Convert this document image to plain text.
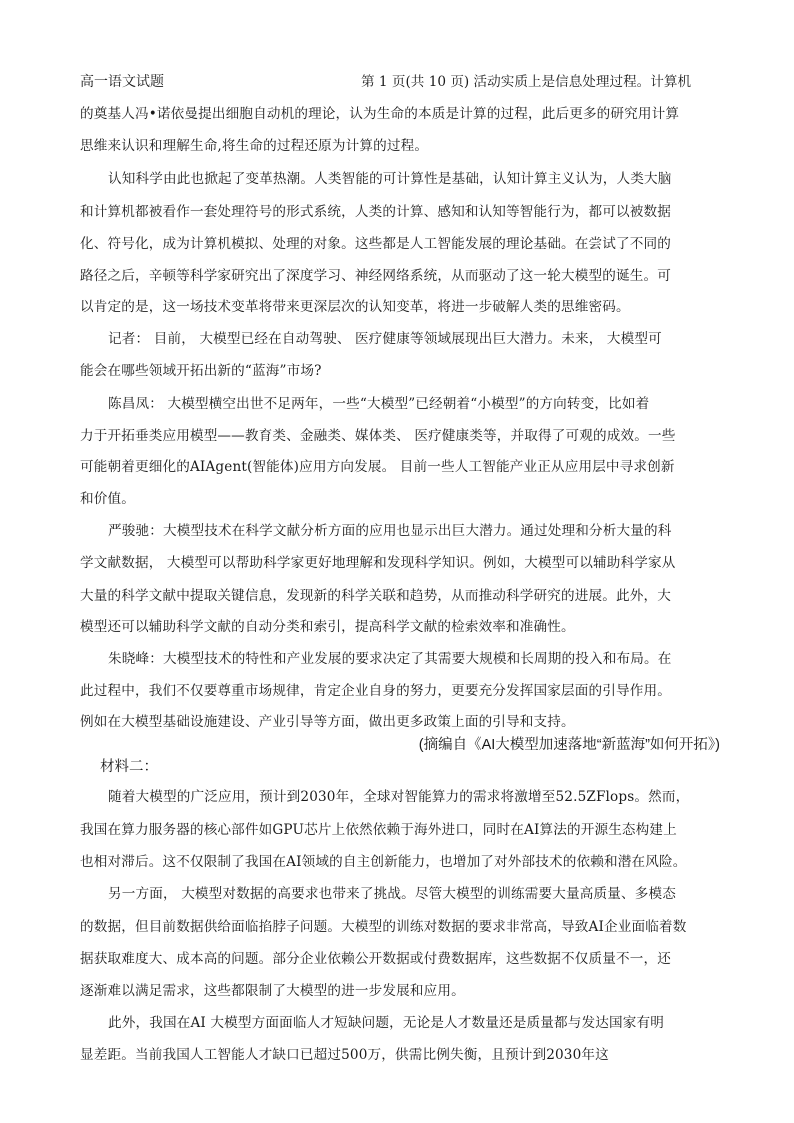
高一语文试题	第 1 页(共 10 页) 活动实质上是信息处理过程。计算机
的奠基人冯•诺依曼提出细胞自动机的理论，认为生命的本质是计算的过程，此后更多的研究用计算
思维来认识和理解生命,将生命的过程还原为计算的过程。
认知科学由此也掀起了变革热潮。人类智能的可计算性是基础，认知计算主义认为，人类大脑
和计算机都被看作一套处理符号的形式系统，人类的计算、感知和认知等智能行为，都可以被数据
化、符号化，成为计算机模拟、处理的对象。这些都是人工智能发展的理论基础。在尝试了不同的
路径之后，辛顿等科学家研究出了深度学习、神经网络系统，从而驱动了这一轮大模型的诞生。可
以肯定的是，这一场技术变革将带来更深层次的认知变革，将进一步破解人类的思维密码。
记者： 目前， 大模型已经在自动驾驶、 医疗健康等领域展现出巨大潜力。未来， 大模型可
能会在哪些领域开拓出新的“蓝海”市场?
陈昌凤： 大模型横空出世不足两年，一些“大模型”已经朝着“小模型”的方向转变，比如着
力于开拓垂类应用模型——教育类、金融类、媒体类、 医疗健康类等，并取得了可观的成效。一些
可能朝着更细化的AIAgent(智能体)应用方向发展。 目前一些人工智能产业正从应用层中寻求创新
和价值。
严骏驰：大模型技术在科学文献分析方面的应用也显示出巨大潜力。通过处理和分析大量的科
学文献数据， 大模型可以帮助科学家更好地理解和发现科学知识。例如，大模型可以辅助科学家从
大量的科学文献中提取关键信息，发现新的科学关联和趋势，从而推动科学研究的进展。此外，大
模型还可以辅助科学文献的自动分类和索引，提高科学文献的检索效率和准确性。
朱晓峰：大模型技术的特性和产业发展的要求决定了其需要大规模和长周期的投入和布局。在
此过程中，我们不仅要尊重市场规律，肯定企业自身的努力，更要充分发挥国家层面的引导作用。
例如在大模型基础设施建设、产业引导等方面，做出更多政策上面的引导和支持。
(摘编自《AI大模型加速落地“新蓝海”如何开拓》)
材料二：
随着大模型的广泛应用，预计到2030年，全球对智能算力的需求将激增至52.5ZFlops。然而，
我国在算力服务器的核心部件如GPU芯片上依然依赖于海外进口，同时在AI算法的开源生态构建上
也相对滞后。这不仅限制了我国在AI领域的自主创新能力，也增加了对外部技术的依赖和潜在风险。
另一方面， 大模型对数据的高要求也带来了挑战。尽管大模型的训练需要大量高质量、多模态
的数据，但目前数据供给面临掐脖子问题。大模型的训练对数据的要求非常高，导致AI企业面临着数
据获取难度大、成本高的问题。部分企业依赖公开数据或付费数据库，这些数据不仅质量不一，还
逐渐难以满足需求，这些都限制了大模型的进一步发展和应用。
此外，我国在AI 大模型方面面临人才短缺问题，无论是人才数量还是质量都与发达国家有明
显差距。当前我国人工智能人才缺口已超过500万，供需比例失衡，且预计到2030年这
